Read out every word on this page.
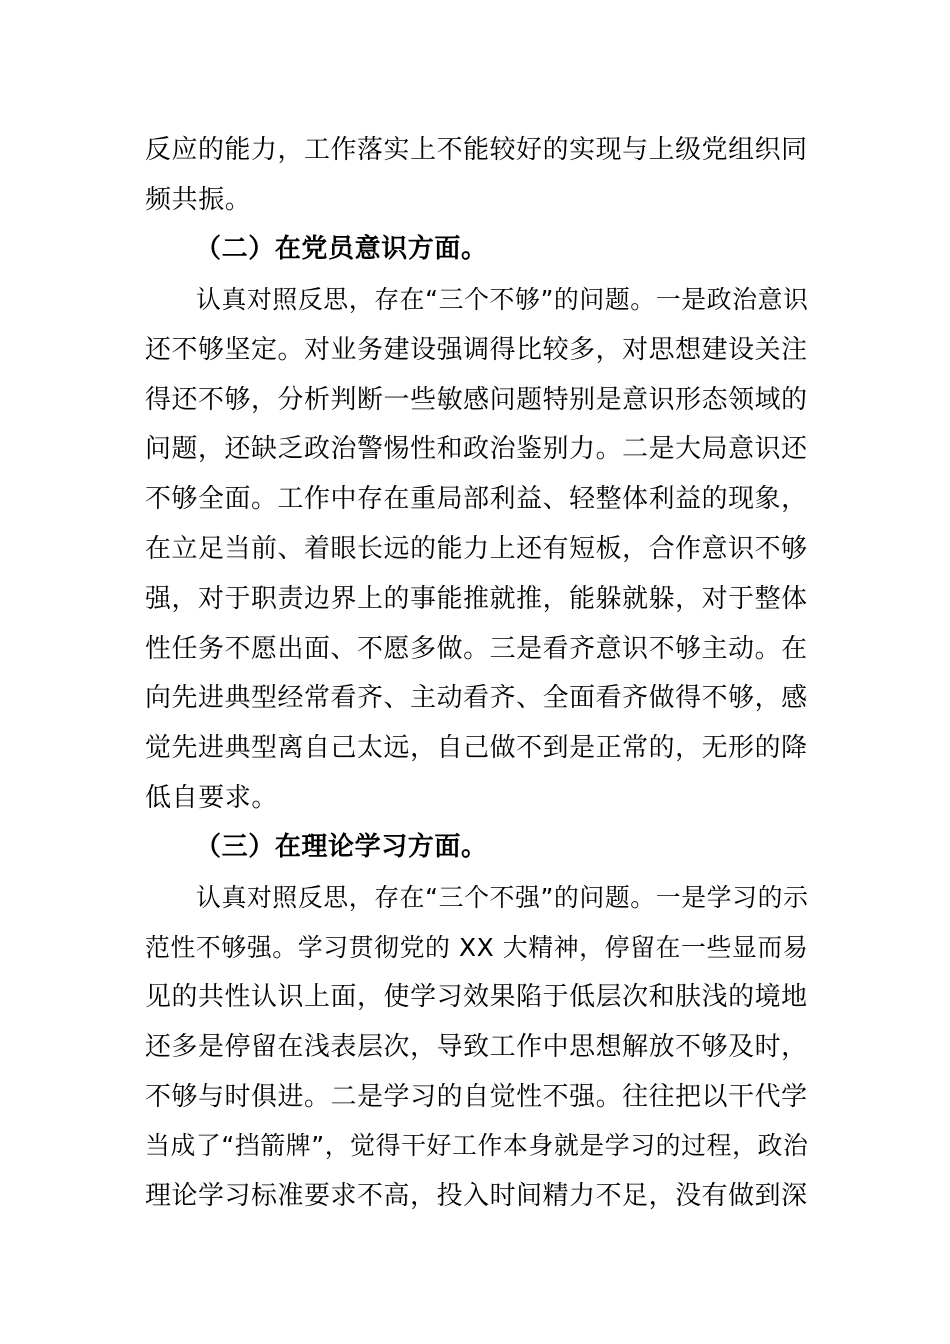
反应的能力，工作落实上不能较好的实现与上级党组织同
频共振。
（二）在党员意识方面。
认真对照反思，存在“三个不够”的问题。一是政治意识
还不够坚定。对业务建设强调得比较多，对思想建设关注
得还不够，分析判断一些敏感问题特别是意识形态领域的
问题，还缺乏政治警惕性和政治鉴别力。二是大局意识还
不够全面。工作中存在重局部利益、轻整体利益的现象，
在立足当前、着眼长远的能力上还有短板，合作意识不够
强，对于职责边界上的事能推就推，能躲就躲，对于整体
性任务不愿出面、不愿多做。三是看齐意识不够主动。在
向先进典型经常看齐、主动看齐、全面看齐做得不够，感
觉先进典型离自己太远，自己做不到是正常的，无形的降
低自要求。
（三）在理论学习方面。
认真对照反思，存在“三个不强”的问题。一是学习的示
范性不够强。学习贯彻党的 XX 大精神，停留在一些显而易
见的共性认识上面，使学习效果陷于低层次和肤浅的境地
还多是停留在浅表层次，导致工作中思想解放不够及时，
不够与时俱进。二是学习的自觉性不强。往往把以干代学
当成了“挡箭牌”，觉得干好工作本身就是学习的过程，政治
理论学习标准要求不高，投入时间精力不足，没有做到深
